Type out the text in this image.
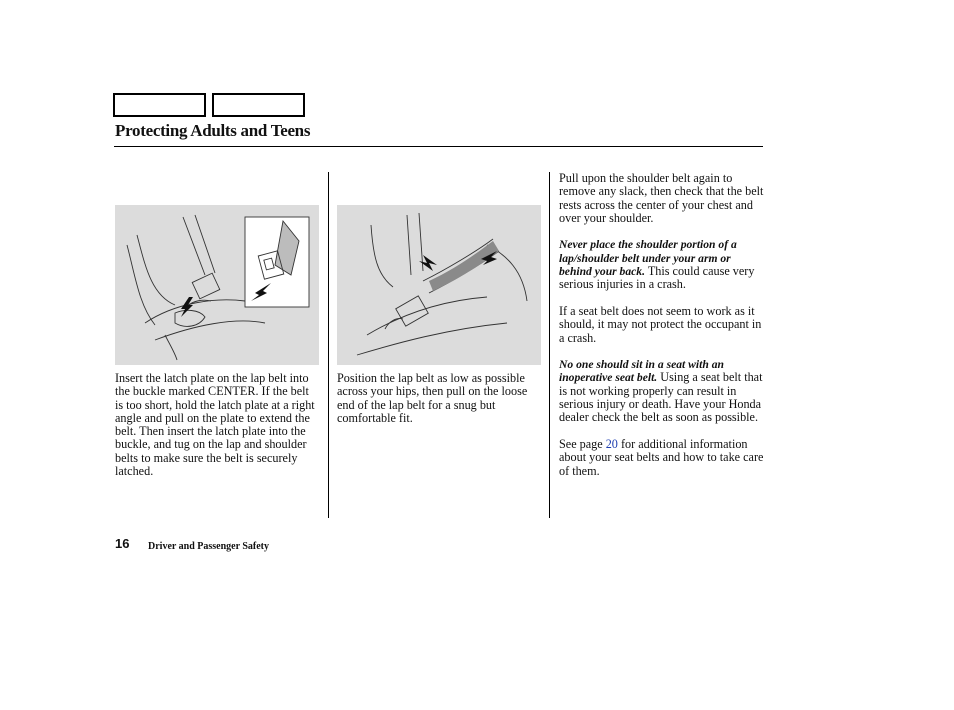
Protecting Adults and Teens

Insert the latch plate on the lap belt into the buckle marked CENTER. If the belt is too short, hold the latch plate at a right angle and pull on the plate to extend the belt. Then insert the latch plate into the buckle, and tug on the lap and shoulder belts to make sure the belt is securely latched.

Position the lap belt as low as possible across your hips, then pull on the loose end of the lap belt for a snug but comfortable fit.

Pull upon the shoulder belt again to remove any slack, then check that the belt rests across the center of your chest and over your shoulder.

Never place the shoulder portion of a lap/shoulder belt under your arm or behind your back. This could cause very serious injuries in a crash.

If a seat belt does not seem to work as it should, it may not protect the occupant in a crash.

No one should sit in a seat with an inoperative seat belt. Using a seat belt that is not working properly can result in serious injury or death. Have your Honda dealer check the belt as soon as possible.

See page 20 for additional information about your seat belts and how to take care of them.

16 Driver and Passenger Safety
